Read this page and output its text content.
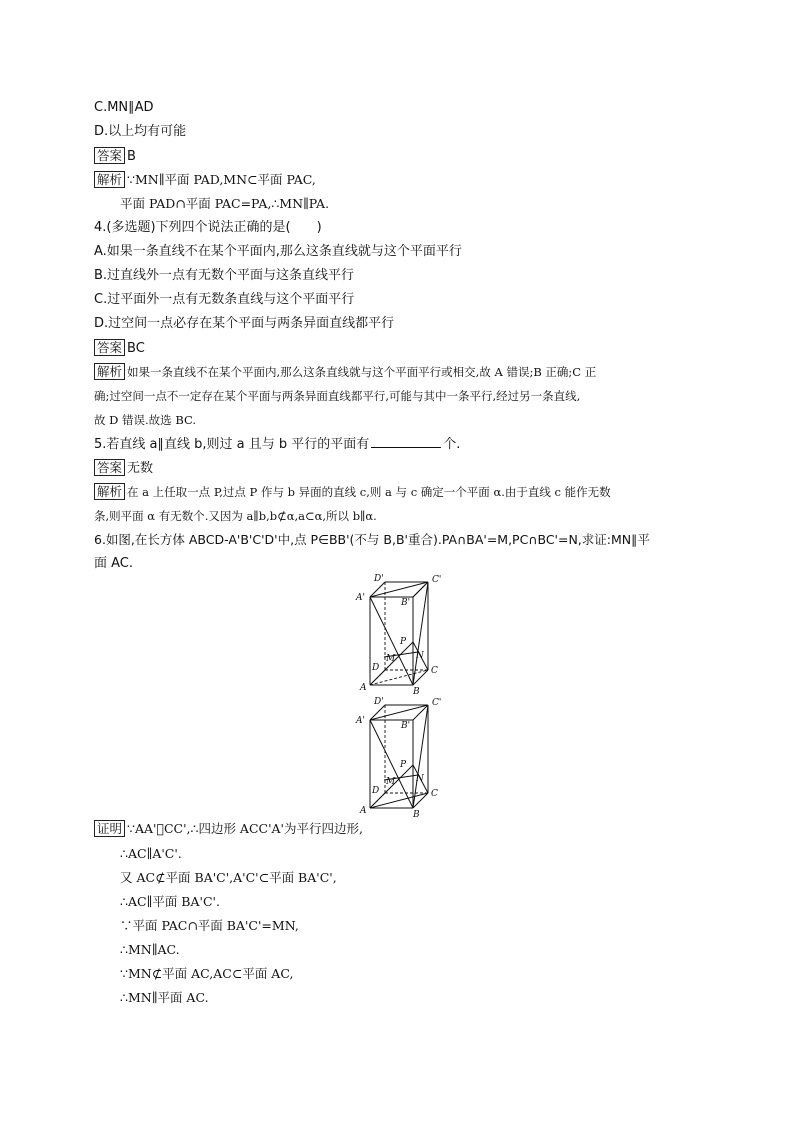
C.MN∥AD
D.以上均有可能
答案 B
解析 ∵MN∥平面 PAD,MN⊂平面 PAC,
平面 PAD∩平面 PAC=PA,∴MN∥PA.
4.(多选题)下列四个说法正确的是(　　)
A.如果一条直线不在某个平面内,那么这条直线就与这个平面平行
B.过直线外一点有无数个平面与这条直线平行
C.过平面外一点有无数条直线与这个平面平行
D.过空间一点必存在某个平面与两条异面直线都平行
答案 BC
解析 如果一条直线不在某个平面内,那么这条直线就与这个平面平行或相交,故 A 错误;B 正确;C 正
确;过空间一点不一定存在某个平面与两条异面直线都平行,可能与其中一条平行,经过另一条直线,
故 D 错误.故选 BC.
5.若直线 a∥直线 b,则过 a 且与 b 平行的平面有	个.
答案 无数
解析 在 a 上任取一点 P,过点 P 作与 b 异面的直线 c,则 a 与 c 确定一个平面 α.由于直线 c 能作无数
条,则平面 α 有无数个.又因为 a∥b,b⊄α,a⊂α,所以 b∥α.
6.如图,在长方体 ABCD-A'B'C'D'中,点 P∈BB'(不与 B,B'重合).PA∩BA'=M,PC∩BC'=N,求证:MN∥平
面 AC.
D'	C'
A'	B'
P
N
M
D	C
A	B
D'	C'
A'	B'
P
N
M
D	C
A	B
证明 ∵AA'􀱀CC',∴四边形 ACC'A'为平行四边形,
∴AC∥A'C'.
又 AC⊄平面 BA'C',A'C'⊂平面 BA'C',
∴AC∥平面 BA'C'.
∵平面 PAC∩平面 BA'C'=MN,
∴MN∥AC.
∵MN⊄平面 AC,AC⊂平面 AC,
∴MN∥平面 AC.
